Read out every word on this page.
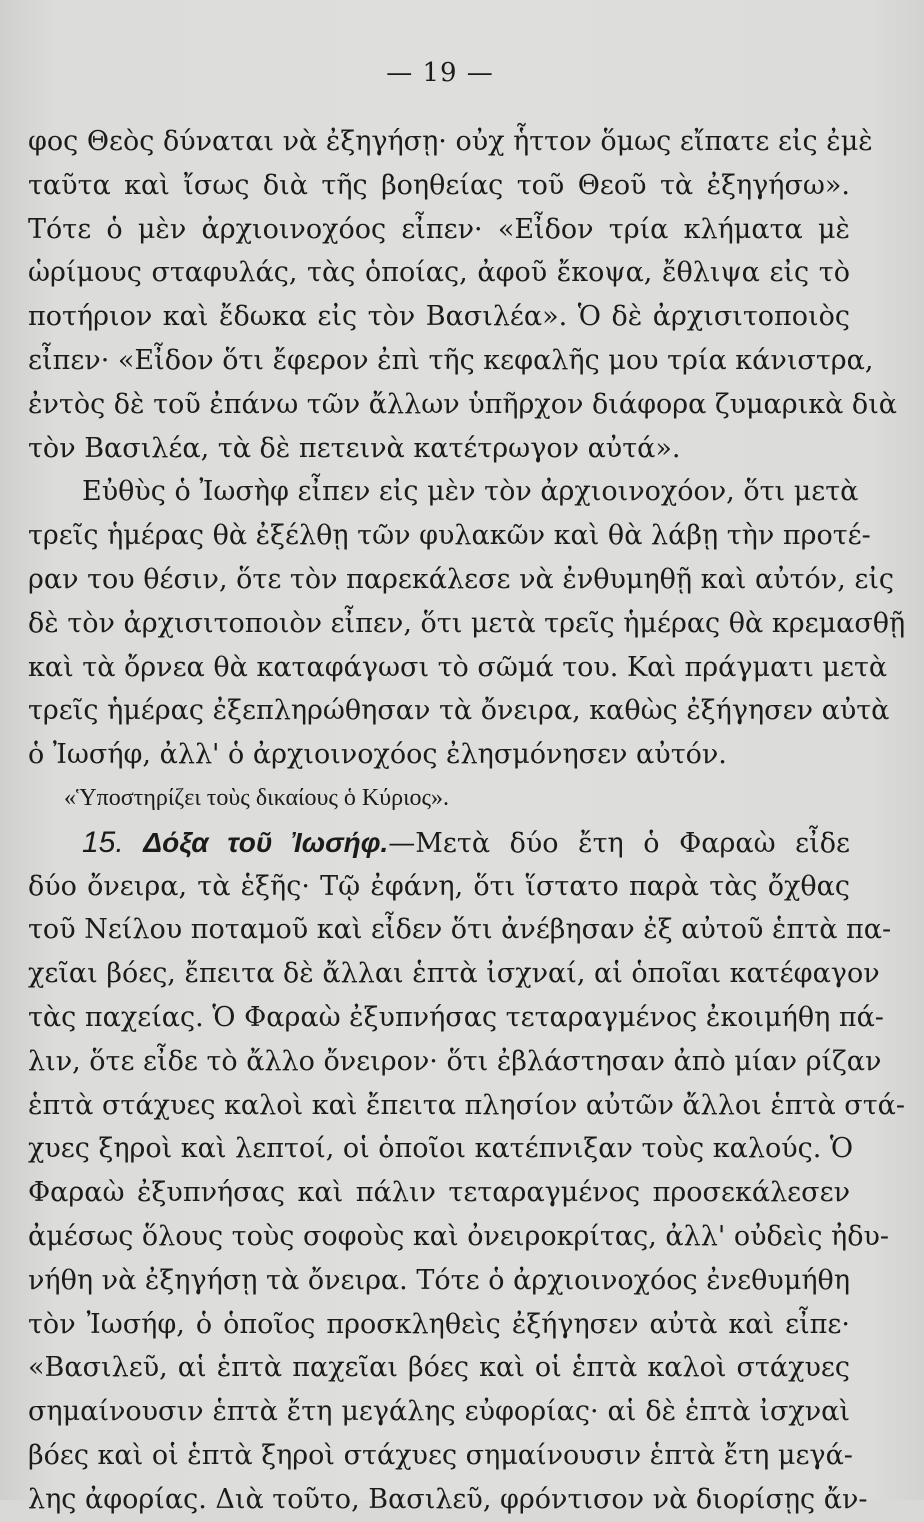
— 19 —
φος Θεὸς δύναται νὰ ἐξηγήσῃ· οὐχ ἧττον ὅμως εἴπατε εἰς ἐμὲ
ταῦτα καὶ ἴσως διὰ τῆς βοηθείας τοῦ Θεοῦ τὰ ἐξηγήσω».
Τότε ὁ μὲν ἀρχιοινοχόος εἶπεν· «Εἶδον τρία κλήματα μὲ
ὡρίμους σταφυλάς, τὰς ὁποίας, ἀφοῦ ἔκοψα, ἔθλιψα εἰς τὸ
ποτήριον καὶ ἔδωκα εἰς τὸν Βασιλέα». Ὁ δὲ ἀρχισιτοποιὸς
εἶπεν· «Εἶδον ὅτι ἔφερον ἐπὶ τῆς κεφαλῆς μου τρία κάνιστρα,
ἐντὸς δὲ τοῦ ἐπάνω τῶν ἄλλων ὑπῆρχον διάφορα ζυμαρικὰ διὰ
τὸν Βασιλέα, τὰ δὲ πετεινὰ κατέτρωγον αὐτά».
Εὐθὺς ὁ Ἰωσὴφ εἶπεν εἰς μὲν τὸν ἀρχιοινοχόον, ὅτι μετὰ
τρεῖς ἡμέρας θὰ ἐξέλθῃ τῶν φυλακῶν καὶ θὰ λάβῃ τὴν προτέ-
ραν του θέσιν, ὅτε τὸν παρεκάλεσε νὰ ἐνθυμηθῇ καὶ αὐτόν, εἰς
δὲ τὸν ἀρχισιτοποιὸν εἶπεν, ὅτι μετὰ τρεῖς ἡμέρας θὰ κρεμασθῇ
καὶ τὰ ὄρνεα θὰ καταφάγωσι τὸ σῶμά του. Καὶ πράγματι μετὰ
τρεῖς ἡμέρας ἐξεπληρώθησαν τὰ ὄνειρα, καθὼς ἐξήγησεν αὐτὰ
ὁ Ἰωσήφ, ἀλλ' ὁ ἀρχιοινοχόος ἐλησμόνησεν αὐτόν.
«Ὑποστηρίζει τοὺς δικαίους ὁ Κύριος».
15. Δόξα τοῦ Ἰωσήφ.—Μετὰ δύο ἔτη ὁ Φαραὼ εἶδε
δύο ὄνειρα, τὰ ἑξῆς· Τῷ ἐφάνη, ὅτι ἵστατο παρὰ τὰς ὄχθας
τοῦ Νείλου ποταμοῦ καὶ εἶδεν ὅτι ἀνέβησαν ἐξ αὐτοῦ ἑπτὰ πα-
χεῖαι βόες, ἔπειτα δὲ ἄλλαι ἑπτὰ ἰσχναί, αἱ ὁποῖαι κατέφαγον
τὰς παχείας. Ὁ Φαραὼ ἐξυπνήσας τεταραγμένος ἐκοιμήθη πά-
λιν, ὅτε εἶδε τὸ ἄλλο ὄνειρον· ὅτι ἐβλάστησαν ἀπὸ μίαν ρίζαν
ἑπτὰ στάχυες καλοὶ καὶ ἔπειτα πλησίον αὐτῶν ἄλλοι ἑπτὰ στά-
χυες ξηροὶ καὶ λεπτοί, οἱ ὁποῖοι κατέπνιξαν τοὺς καλούς. Ὁ
Φαραὼ ἐξυπνήσας καὶ πάλιν τεταραγμένος προσεκάλεσεν
ἀμέσως ὅλους τοὺς σοφοὺς καὶ ὀνειροκρίτας, ἀλλ' οὐδεὶς ἠδυ-
νήθη νὰ ἐξηγήσῃ τὰ ὄνειρα. Τότε ὁ ἀρχιοινοχόος ἐνεθυμήθη
τὸν Ἰωσήφ, ὁ ὁποῖος προσκληθεὶς ἐξήγησεν αὐτὰ καὶ εἶπε·
«Βασιλεῦ, αἱ ἑπτὰ παχεῖαι βόες καὶ οἱ ἑπτὰ καλοὶ στάχυες
σημαίνουσιν ἑπτὰ ἔτη μεγάλης εὐφορίας· αἱ δὲ ἑπτὰ ἰσχναὶ
βόες καὶ οἱ ἑπτὰ ξηροὶ στάχυες σημαίνουσιν ἑπτὰ ἔτη μεγά-
λης ἀφορίας. Διὰ τοῦτο, Βασιλεῦ, φρόντισον νὰ διορίσῃς ἄν-
